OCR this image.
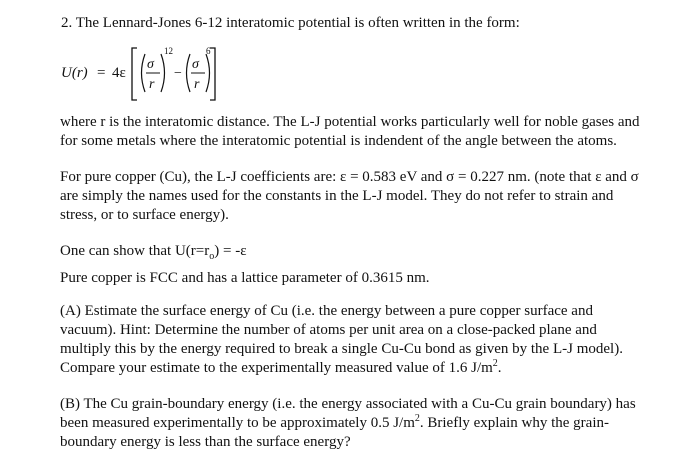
2. The Lennard-Jones 6-12 interatomic potential is often written in the form:
U(r) = 4ε
σ
r
12
−
σ
r
6
where r is the interatomic distance. The L-J potential works particularly well for noble gases and
for some metals where the interatomic potential is indendent of the angle between the atoms.
For pure copper (Cu), the L-J coefficients are: ε = 0.583 eV and σ = 0.227 nm. (note that ε and σ
are simply the names used for the constants in the L-J model. They do not refer to strain and
stress, or to surface energy).
One can show that $U(r=r_o) = -\varepsilon$
Pure copper is FCC and has a lattice parameter of 0.3615 nm.
(A) Estimate the surface energy of Cu (i.e. the energy between a pure copper surface and
vacuum). Hint: Determine the number of atoms per unit area on a close-packed plane and
multiply this by the energy required to break a single Cu-Cu bond as given by the L-J model).
Compare your estimate to the experimentally measured value of 1.6 $J/m^2$.
(B) The Cu grain-boundary energy (i.e. the energy associated with a Cu-Cu grain boundary) has
been measured experimentally to be approximately 0.5 $J/m^2$. Briefly explain why the grain-
boundary energy is less than the surface energy?
